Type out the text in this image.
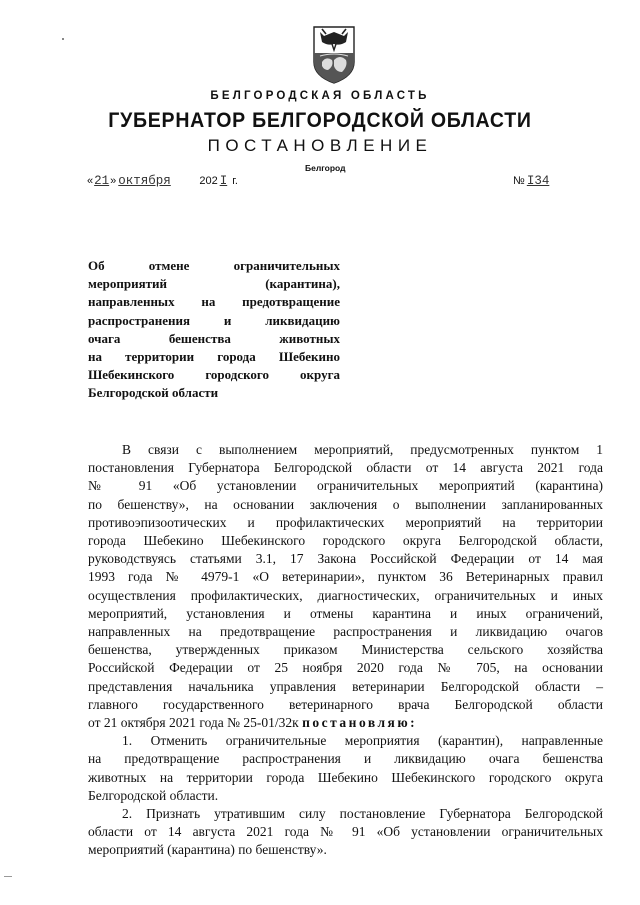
БЕЛГОРОДСКАЯ ОБЛАСТЬ
ГУБЕРНАТОР БЕЛГОРОДСКОЙ ОБЛАСТИ
ПОСТАНОВЛЕНИЕ
Белгород
«21» октября	202 I г.	№ I34
Об отмене ограничительных
мероприятий (карантина),
направленных на предотвращение
распространения и ликвидацию
очага бешенства животных
на территории города Шебекино
Шебекинского городского округа
Белгородской области
В связи с выполнением мероприятий, предусмотренных пунктом 1
постановления Губернатора Белгородской области от 14 августа 2021 года
№ 91 «Об установлении ограничительных мероприятий (карантина)
по бешенству», на основании заключения о выполнении запланированных
противоэпизоотических и профилактических мероприятий на территории
города Шебекино Шебекинского городского округа Белгородской области,
руководствуясь статьями 3.1, 17 Закона Российской Федерации от 14 мая
1993 года № 4979-1 «О ветеринарии», пунктом 36 Ветеринарных правил
осуществления профилактических, диагностических, ограничительных и иных
мероприятий, установления и отмены карантина и иных ограничений,
направленных на предотвращение распространения и ликвидацию очагов
бешенства, утвержденных приказом Министерства сельского хозяйства
Российской Федерации от 25 ноября 2020 года № 705, на основании
представления начальника управления ветеринарии Белгородской области –
главного государственного ветеринарного врача Белгородской области
от 21 октября 2021 года № 25-01/32к постановляю:
1. Отменить ограничительные мероприятия (карантин), направленные
на предотвращение распространения и ликвидацию очага бешенства
животных на территории города Шебекино Шебекинского городского округа
Белгородской области.
2. Признать утратившим силу постановление Губернатора Белгородской
области от 14 августа 2021 года № 91 «Об установлении ограничительных
мероприятий (карантина) по бешенству».
